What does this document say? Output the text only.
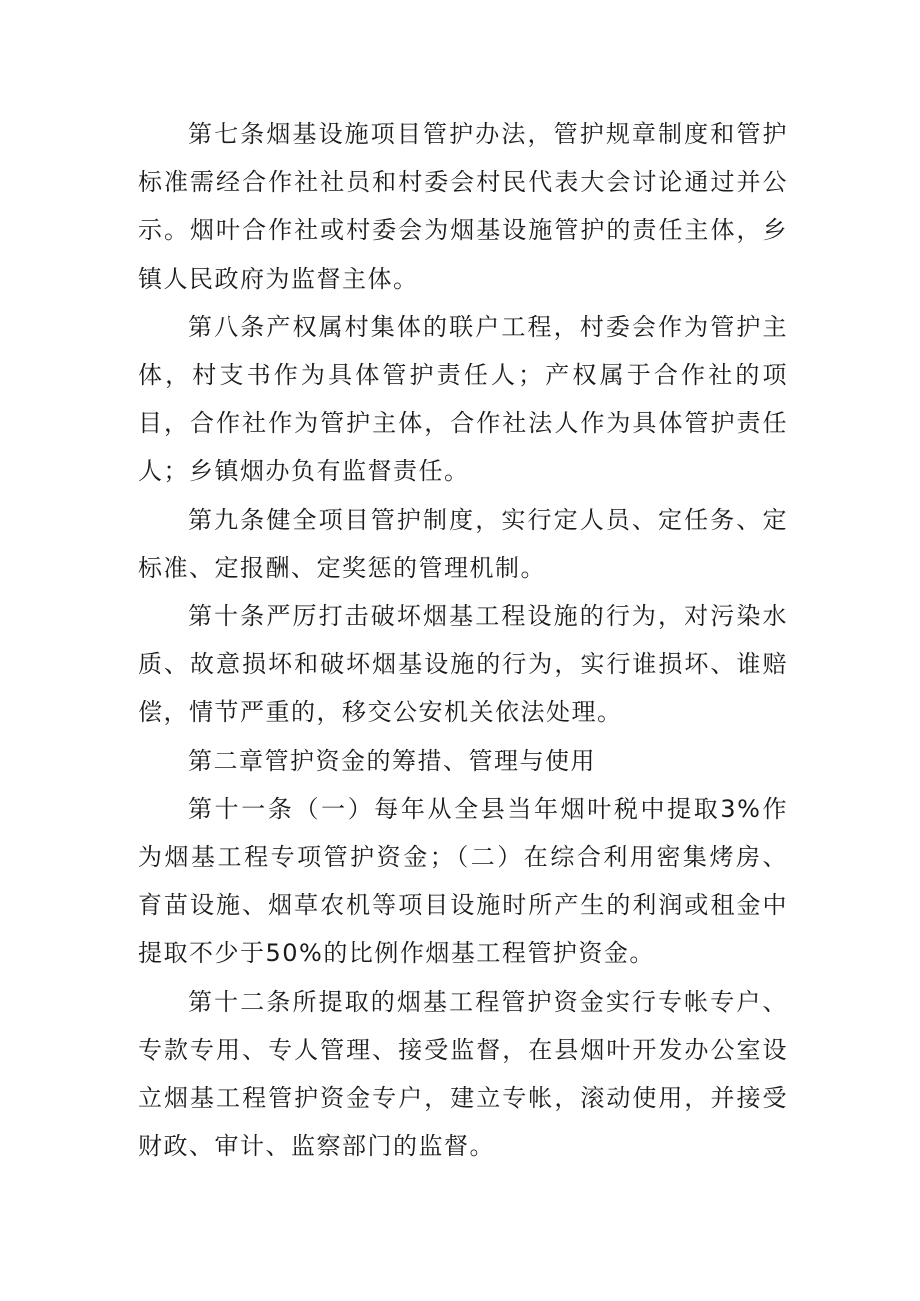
第七条烟基设施项目管护办法，管护规章制度和管护标准需经合作社社员和村委会村民代表大会讨论通过并公示。烟叶合作社或村委会为烟基设施管护的责任主体，乡镇人民政府为监督主体。

第八条产权属村集体的联户工程，村委会作为管护主体，村支书作为具体管护责任人；产权属于合作社的项目，合作社作为管护主体，合作社法人作为具体管护责任人；乡镇烟办负有监督责任。

第九条健全项目管护制度，实行定人员、定任务、定标准、定报酬、定奖惩的管理机制。

第十条严厉打击破坏烟基工程设施的行为，对污染水质、故意损坏和破坏烟基设施的行为，实行谁损坏、谁赔偿，情节严重的，移交公安机关依法处理。

第二章管护资金的筹措、管理与使用

第十一条（一）每年从全县当年烟叶税中提取3%作为烟基工程专项管护资金；（二）在综合利用密集烤房、育苗设施、烟草农机等项目设施时所产生的利润或租金中提取不少于50%的比例作烟基工程管护资金。

第十二条所提取的烟基工程管护资金实行专帐专户、专款专用、专人管理、接受监督，在县烟叶开发办公室设立烟基工程管护资金专户，建立专帐，滚动使用，并接受财政、审计、监察部门的监督。
